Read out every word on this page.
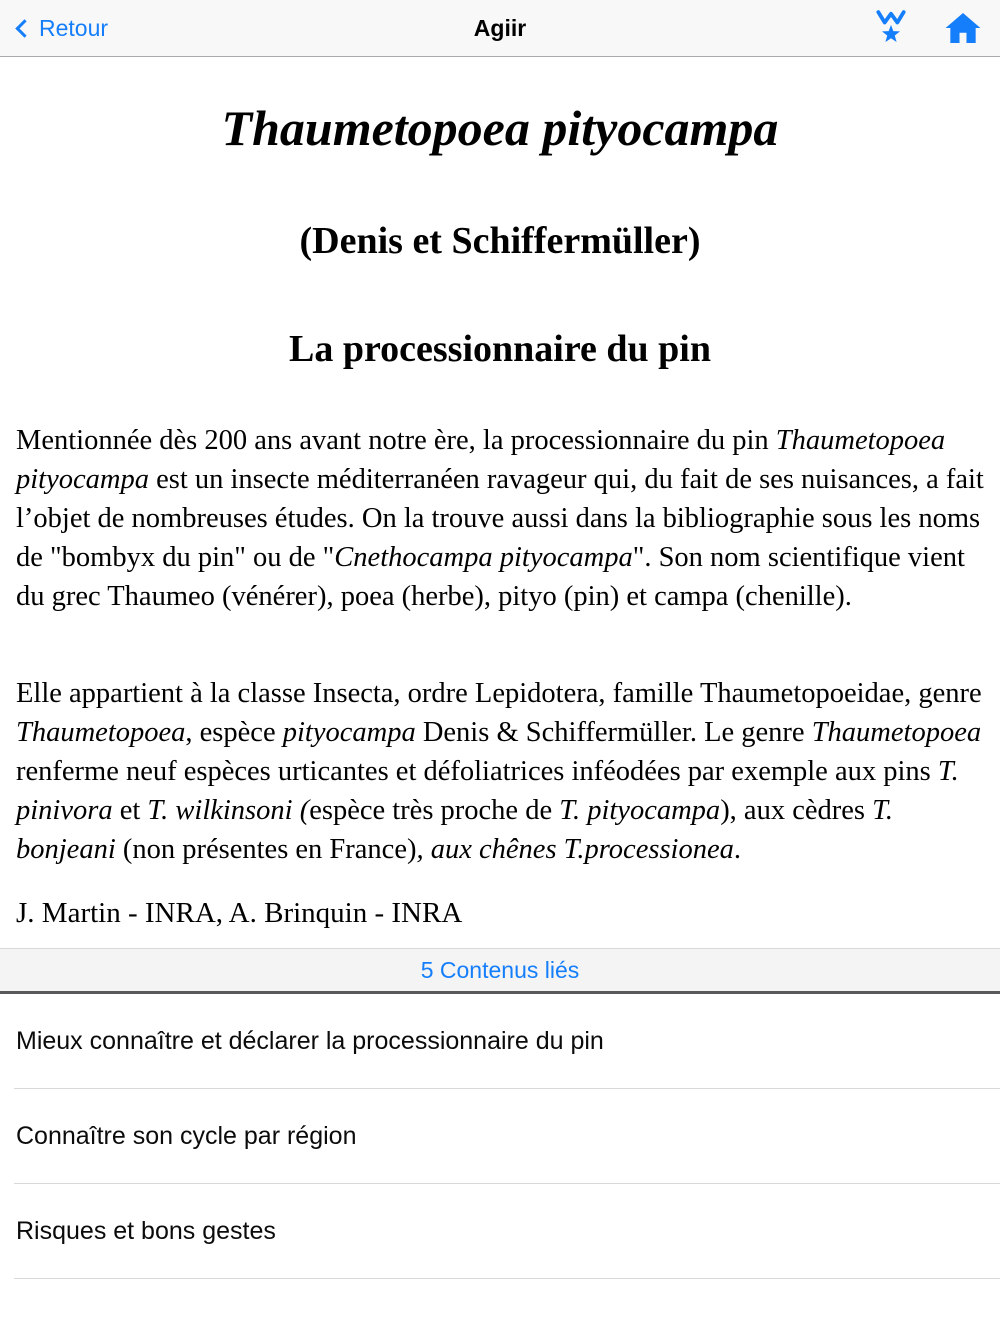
Retour	Agiir
Thaumetopoea pityocampa
(Denis et Schiffermüller)
La processionnaire du pin

Mentionnée dès 200 ans avant notre ère, la processionnaire du pin Thaumetopoea pityocampa est un insecte méditerranéen ravageur qui, du fait de ses nuisances, a fait l’objet de nombreuses études. On la trouve aussi dans la bibliographie sous les noms de "bombyx du pin" ou de "Cnethocampa pityocampa". Son nom scientifique vient du grec Thaumeo (vénérer), poea (herbe), pityo (pin) et campa (chenille).

Elle appartient à la classe Insecta, ordre Lepidotera, famille Thaumetopoeidae, genre Thaumetopoea, espèce pityocampa Denis & Schiffermüller. Le genre Thaumetopoea renferme neuf espèces urticantes et défoliatrices inféodées par exemple aux pins T. pinivora et T. wilkinsoni (espèce très proche de T. pityocampa), aux cèdres T. bonjeani (non présentes en France), aux chênes T.processionea.

J. Martin - INRA, A. Brinquin - INRA

5 Contenus liés
Mieux connaître et déclarer la processionnaire du pin
Connaître son cycle par région
Risques et bons gestes
